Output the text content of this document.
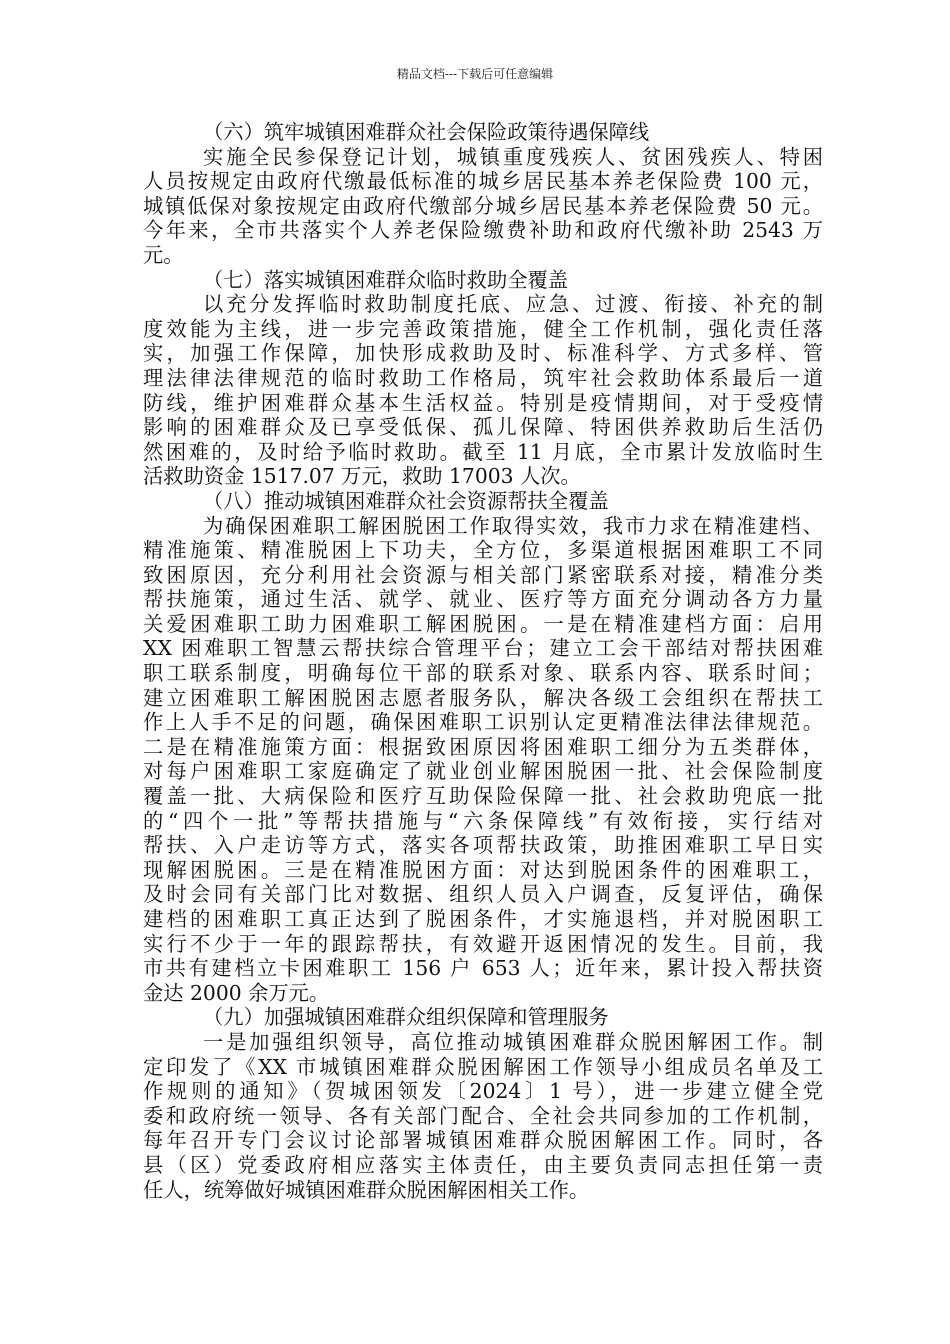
精品文档---下载后可任意编辑
（六）筑牢城镇困难群众社会保险政策待遇保障线
实施全民参保登记计划，城镇重度残疾人、贫困残疾人、特困
人员按规定由政府代缴最低标准的城乡居民基本养老保险费 100 元，
城镇低保对象按规定由政府代缴部分城乡居民基本养老保险费 50 元。
今年来，全市共落实个人养老保险缴费补助和政府代缴补助 2543 万
元。
（七）落实城镇困难群众临时救助全覆盖
以充分发挥临时救助制度托底、应急、过渡、衔接、补充的制
度效能为主线，进一步完善政策措施，健全工作机制，强化责任落
实，加强工作保障，加快形成救助及时、标准科学、方式多样、管
理法律法律规范的临时救助工作格局，筑牢社会救助体系最后一道
防线，维护困难群众基本生活权益。特别是疫情期间，对于受疫情
影响的困难群众及已享受低保、孤儿保障、特困供养救助后生活仍
然困难的，及时给予临时救助。截至 11 月底，全市累计发放临时生
活救助资金 1517.07 万元，救助 17003 人次。
（八）推动城镇困难群众社会资源帮扶全覆盖
为确保困难职工解困脱困工作取得实效，我市力求在精准建档、
精准施策、精准脱困上下功夫，全方位，多渠道根据困难职工不同
致困原因，充分利用社会资源与相关部门紧密联系对接，精准分类
帮扶施策，通过生活、就学、就业、医疗等方面充分调动各方力量
关爱困难职工助力困难职工解困脱困。一是在精准建档方面：启用
XX 困难职工智慧云帮扶综合管理平台；建立工会干部结对帮扶困难
职工联系制度，明确每位干部的联系对象、联系内容、联系时间；
建立困难职工解困脱困志愿者服务队，解决各级工会组织在帮扶工
作上人手不足的问题，确保困难职工识别认定更精准法律法律规范。
二是在精准施策方面：根据致困原因将困难职工细分为五类群体，
对每户困难职工家庭确定了就业创业解困脱困一批、社会保险制度
覆盖一批、大病保险和医疗互助保险保障一批、社会救助兜底一批
的“四个一批”等帮扶措施与“六条保障线”有效衔接，实行结对
帮扶、入户走访等方式，落实各项帮扶政策，助推困难职工早日实
现解困脱困。三是在精准脱困方面：对达到脱困条件的困难职工，
及时会同有关部门比对数据、组织人员入户调查，反复评估，确保
建档的困难职工真正达到了脱困条件，才实施退档，并对脱困职工
实行不少于一年的跟踪帮扶，有效避开返困情况的发生。目前，我
市共有建档立卡困难职工 156 户 653 人；近年来，累计投入帮扶资
金达 2000 余万元。
（九）加强城镇困难群众组织保障和管理服务
一是加强组织领导，高位推动城镇困难群众脱困解困工作。制
定印发了《XX 市城镇困难群众脱困解困工作领导小组成员名单及工
作规则的通知》（贺城困领发〔2024〕1 号），进一步建立健全党
委和政府统一领导、各有关部门配合、全社会共同参加的工作机制，
每年召开专门会议讨论部署城镇困难群众脱困解困工作。同时，各
县（区）党委政府相应落实主体责任，由主要负责同志担任第一责
任人，统筹做好城镇困难群众脱困解困相关工作。
